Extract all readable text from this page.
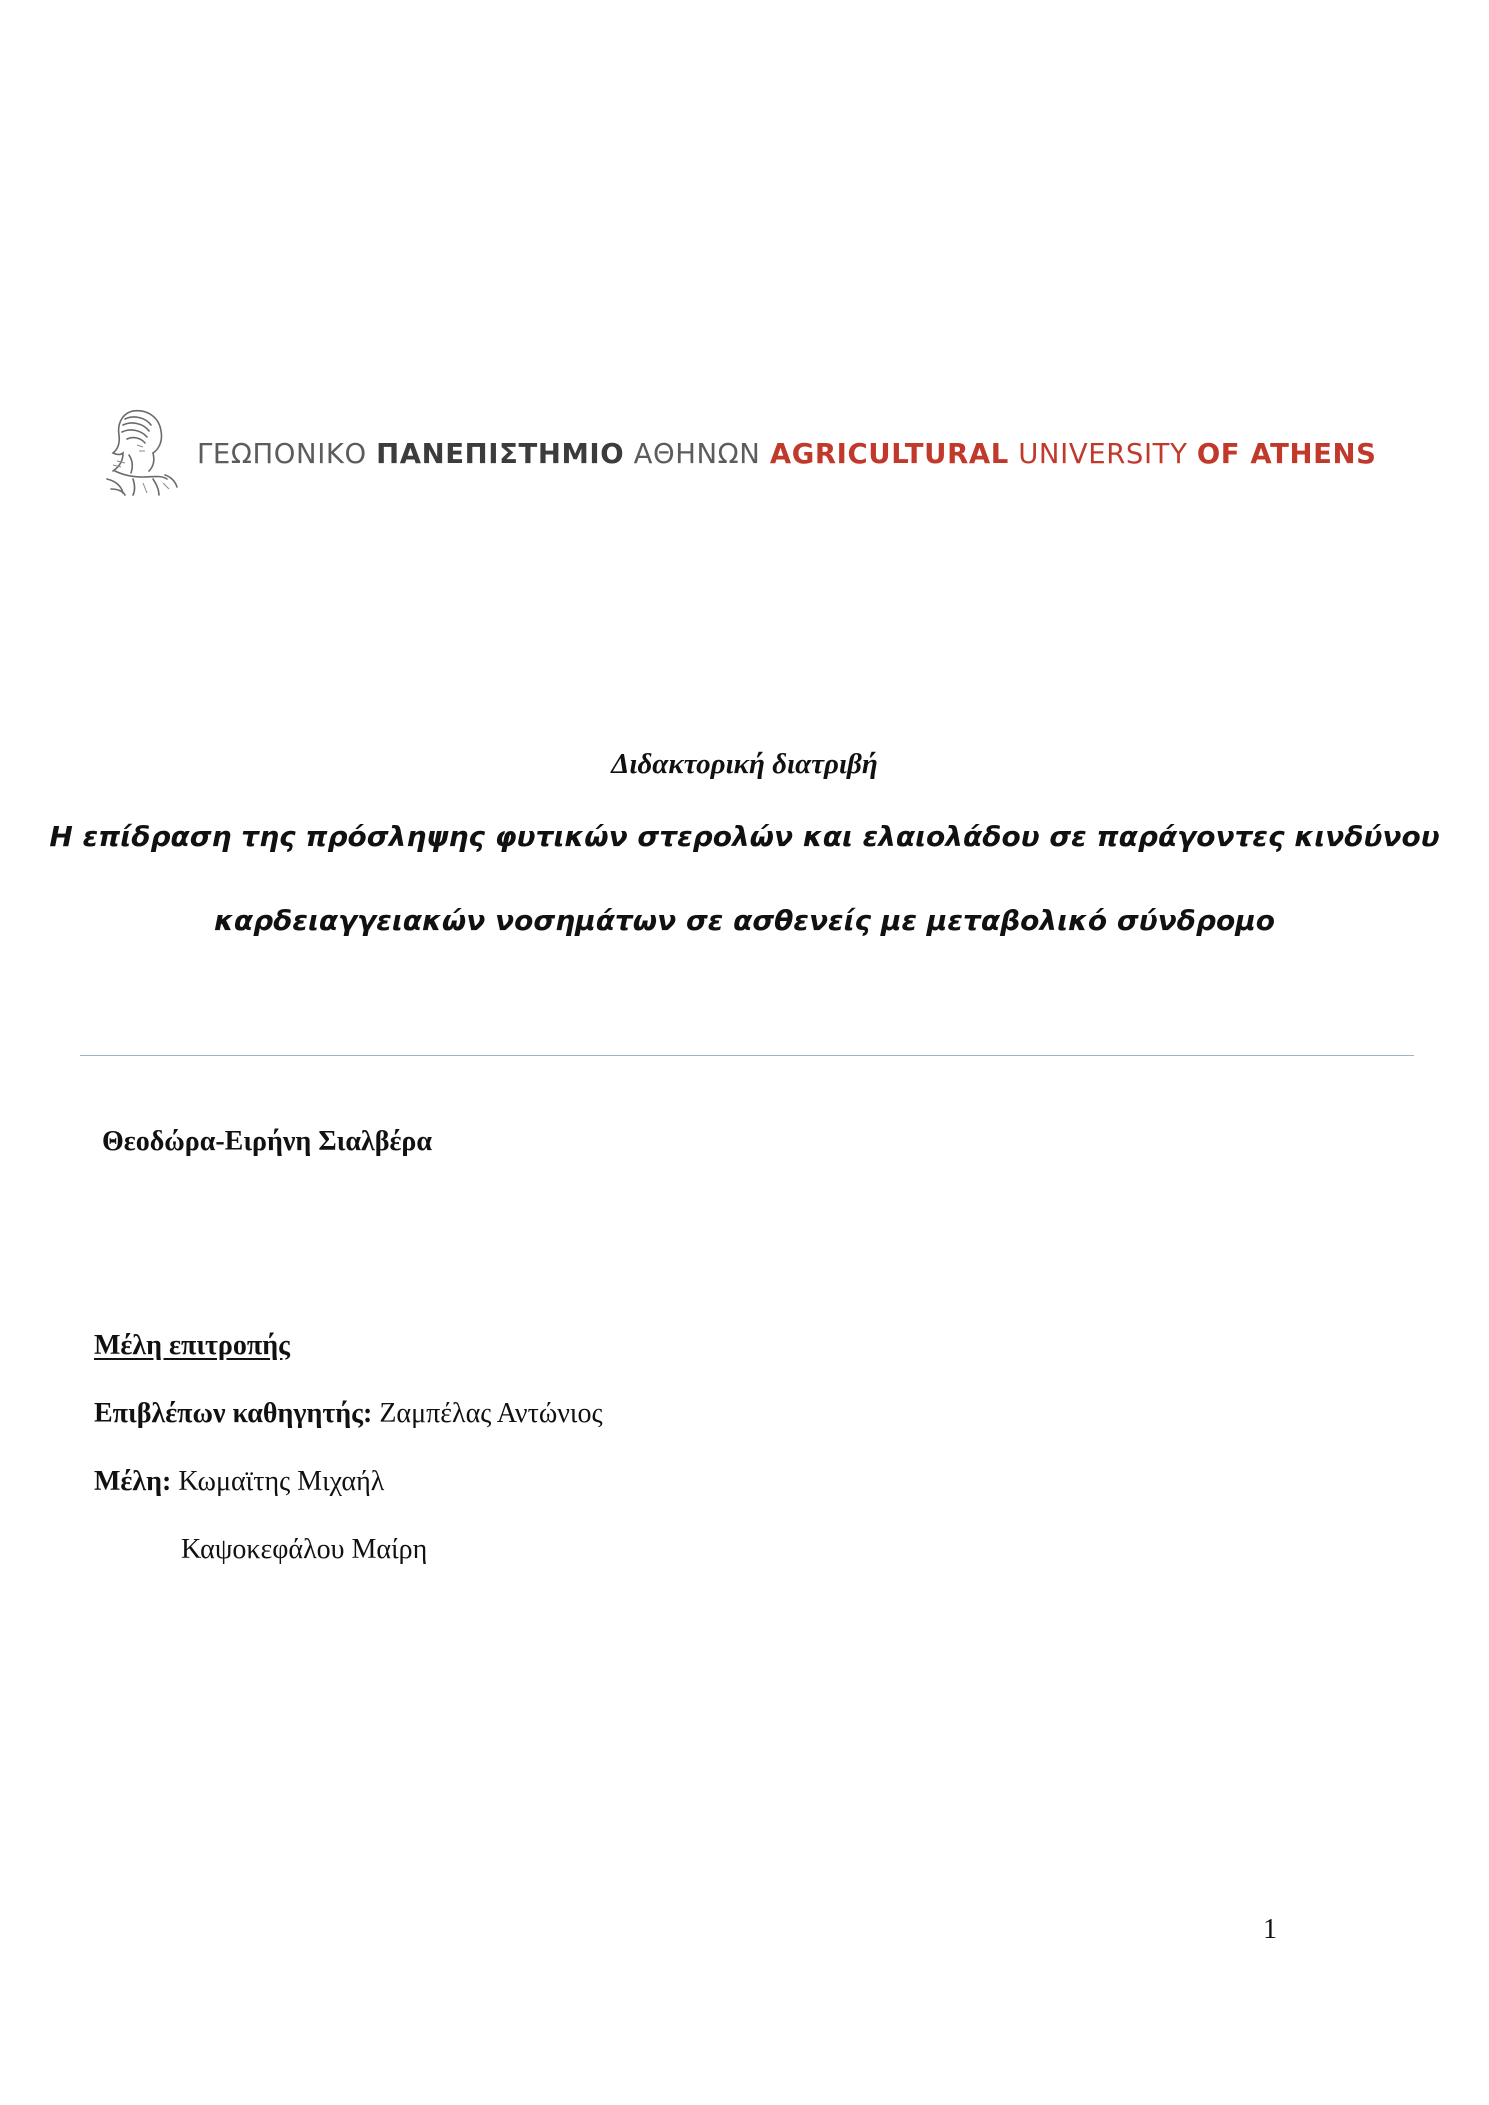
ΓΕΩΠΟΝΙΚΟ ΠΑΝΕΠΙΣΤΗΜΙΟ ΑΘΗΝΩΝ AGRICULTURAL UNIVERSITY OF ATHENS
Διδακτορική διατριβή
Η επίδραση της πρόσληψης φυτικών στερολών και ελαιολάδου σε παράγοντες κινδύνου
καρδειαγγειακών νοσημάτων σε ασθενείς με μεταβολικό σύνδρομο
Θεοδώρα-Ειρήνη Σιαλβέρα
Μέλη επιτροπής
Επιβλέπων καθηγητής: Ζαμπέλας Αντώνιος
Μέλη: Κωμαϊτης Μιχαήλ
Καψοκεφάλου Μαίρη
1
